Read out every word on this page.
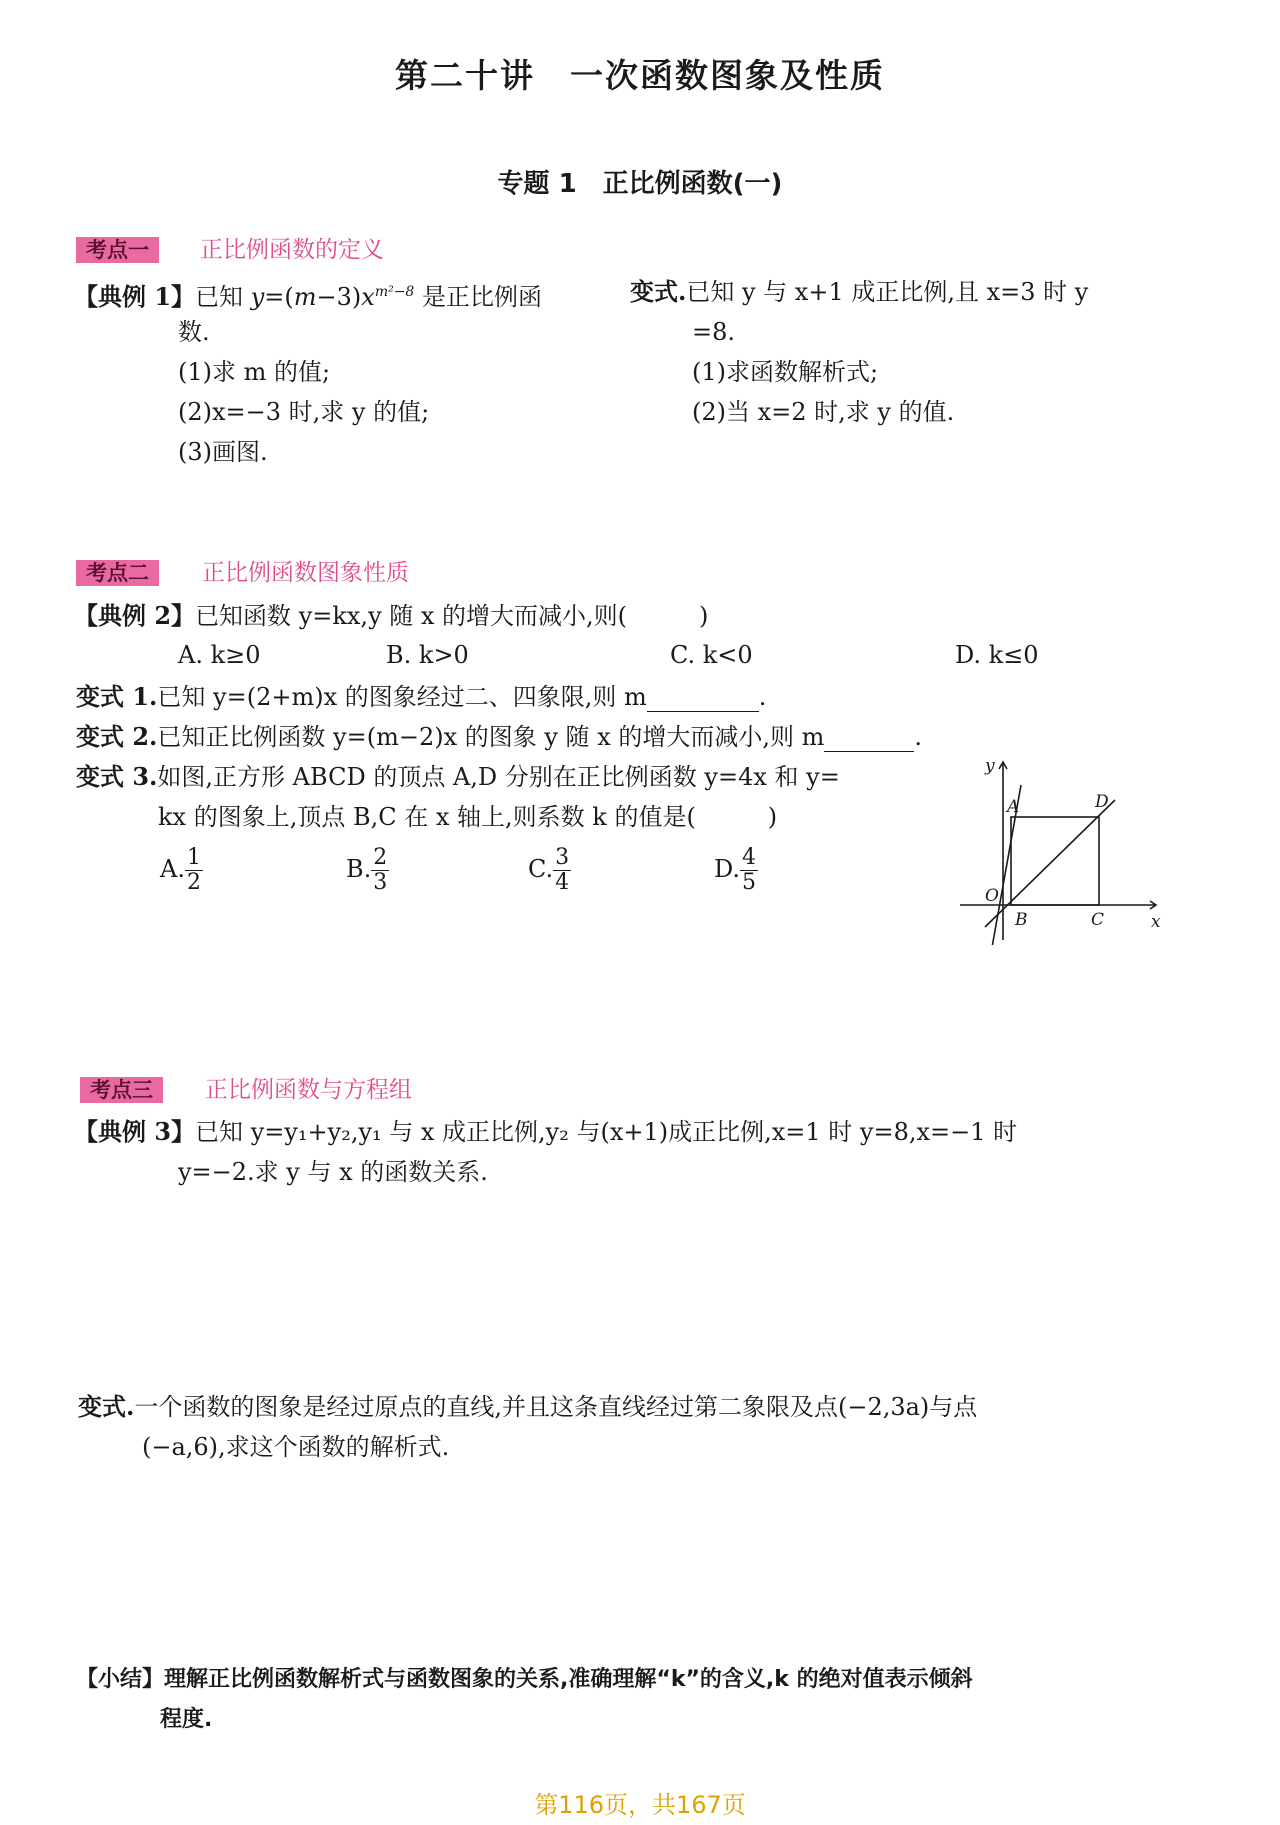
第二十讲　一次函数图象及性质
专题 1　正比例函数(一)
考点一	正比例函数的定义
【典例 1】已知 $y=(m-3)x^{m^2-8}$ 是正比例函
数.
(1)求 m 的值;
(2)x=−3 时,求 y 的值;
(3)画图.
变式.已知 y 与 x+1 成正比例,且 x=3 时 y
=8.
(1)求函数解析式;
(2)当 x=2 时,求 y 的值.
考点二	正比例函数图象性质
【典例 2】已知函数 y=kx,y 随 x 的增大而减小,则(　　　)
A. k≥0	B. k>0	C. k<0	D. k≤0
变式 1.已知 y=(2+m)x 的图象经过二、四象限,则 m	.
变式 2.已知正比例函数 y=(m−2)x 的图象 y 随 x 的增大而减小,则 m	.
变式 3.如图,正方形 ABCD 的顶点 A,D 分别在正比例函数 y=4x 和 y=
kx 的图象上,顶点 B,C 在 x 轴上,则系数 k 的值是(　　　)
A. $\frac{1}{2}$	B. $\frac{2}{3}$	C. $\frac{3}{4}$	D. $\frac{4}{5}$
y
x
O
A
B	C
D
考点三	正比例函数与方程组
【典例 3】已知 y=y₁+y₂,y₁ 与 x 成正比例,y₂ 与(x+1)成正比例,x=1 时 y=8,x=−1 时
y=−2.求 y 与 x 的函数关系.
变式.一个函数的图象是经过原点的直线,并且这条直线经过第二象限及点(−2,3a)与点
(−a,6),求这个函数的解析式.
【小结】理解正比例函数解析式与函数图象的关系,准确理解“k”的含义,k 的绝对值表示倾斜
程度.
第116页，共167页
